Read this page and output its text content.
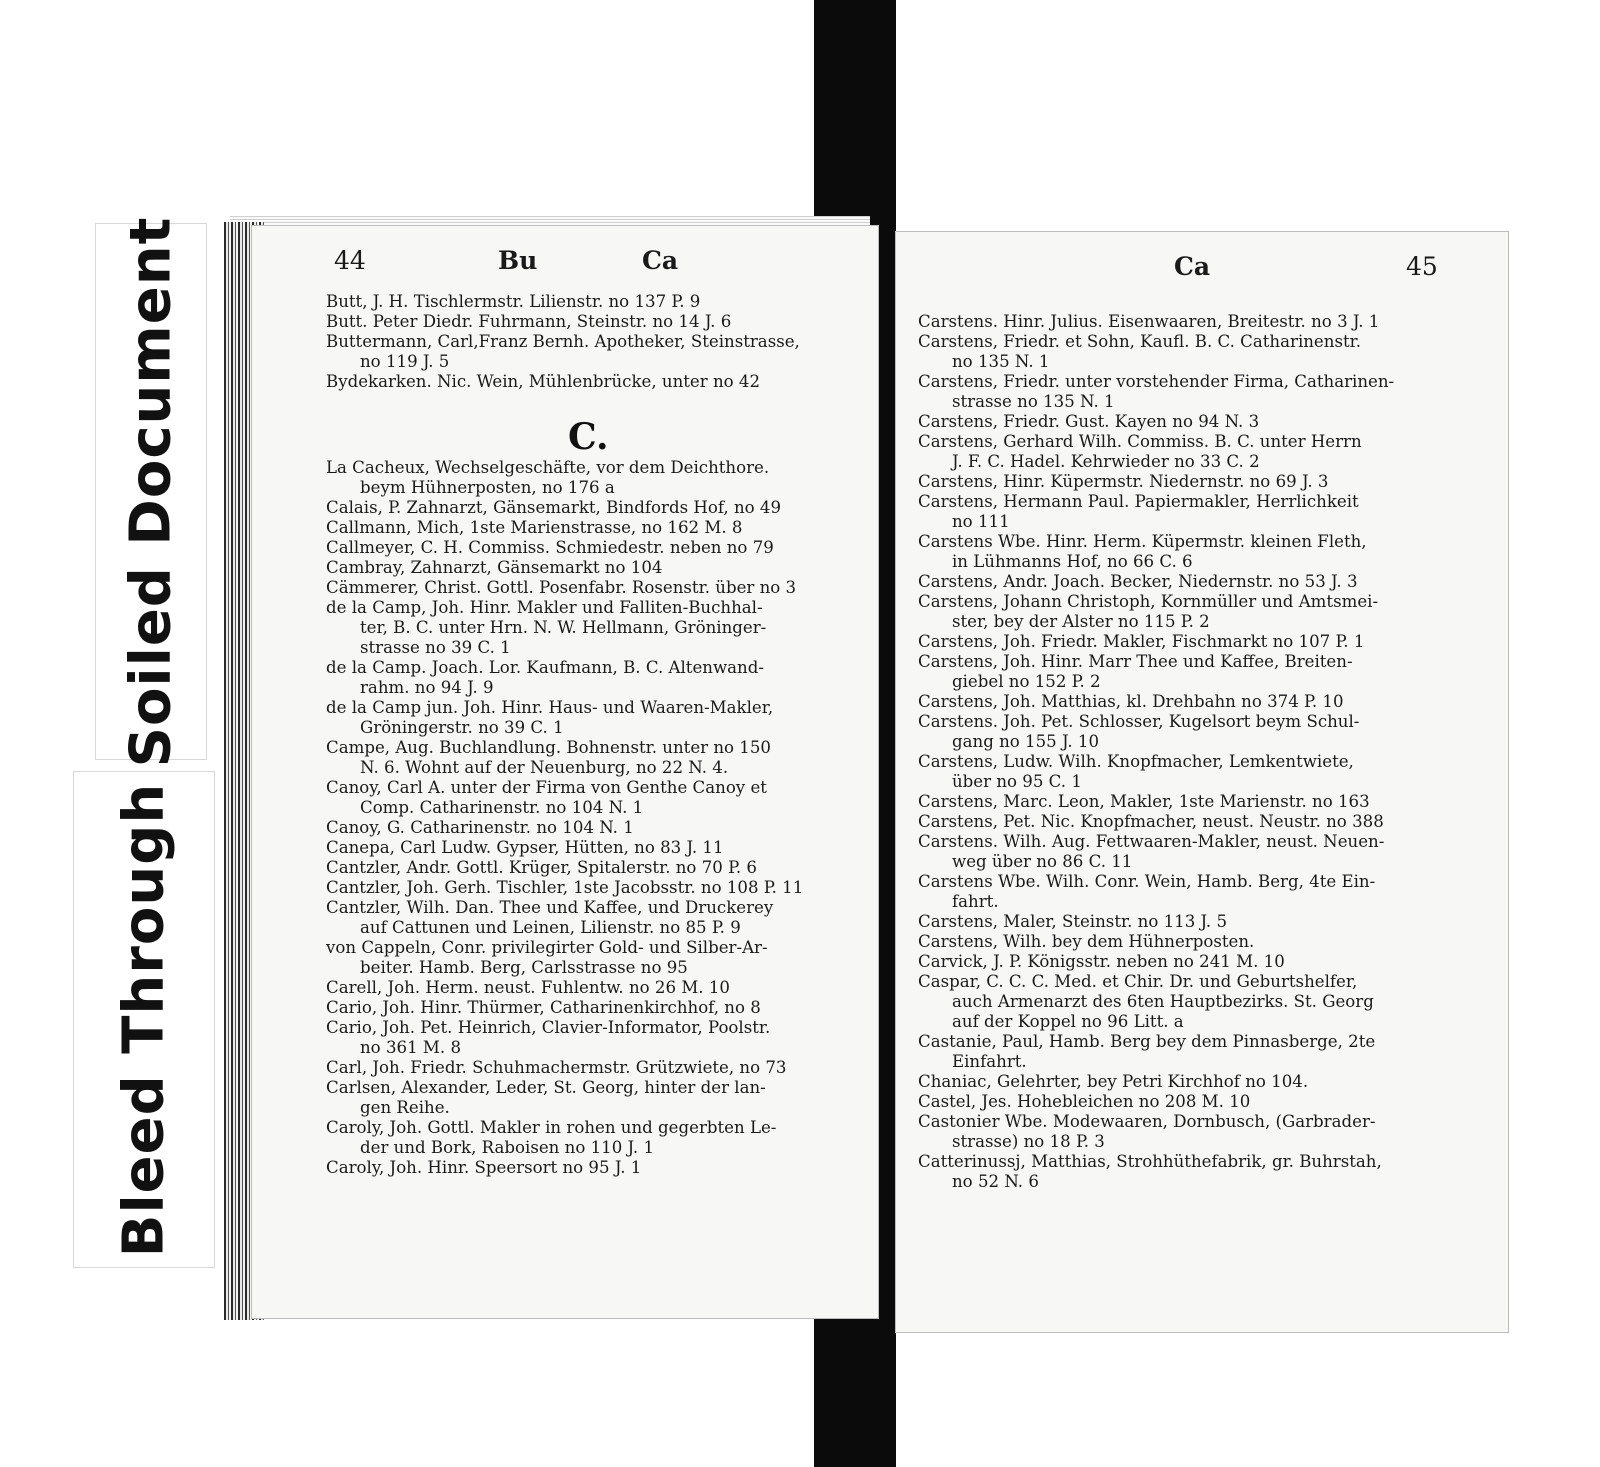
Soiled Document
Bleed Through
44	Bu	Ca
Butt, J. H. Tischlermstr. Lilienstr. no 137 P. 9
Butt. Peter Diedr. Fuhrmann, Steinstr. no 14 J. 6
Buttermann, Carl,Franz Bernh. Apotheker, Steinstrasse,
no 119 J. 5
Bydekarken. Nic. Wein, Mühlenbrücke, unter no 42
C.
La Cacheux, Wechselgeschäfte, vor dem Deichthore.
beym Hühnerposten, no 176 a
Calais, P. Zahnarzt, Gänsemarkt, Bindfords Hof, no 49
Callmann, Mich, 1ste Marienstrasse, no 162 M. 8
Callmeyer, C. H. Commiss. Schmiedestr. neben no 79
Cambray, Zahnarzt, Gänsemarkt no 104
Cämmerer, Christ. Gottl. Posenfabr. Rosenstr. über no 3
de la Camp, Joh. Hinr. Makler und Falliten-Buchhal-
ter, B. C. unter Hrn. N. W. Hellmann, Gröninger-
strasse no 39 C. 1
de la Camp. Joach. Lor. Kaufmann, B. C. Altenwand-
rahm. no 94 J. 9
de la Camp jun. Joh. Hinr. Haus- und Waaren-Makler,
Gröningerstr. no 39 C. 1
Campe, Aug. Buchlandlung. Bohnenstr. unter no 150
N. 6. Wohnt auf der Neuenburg, no 22 N. 4.
Canoy, Carl A. unter der Firma von Genthe Canoy et
Comp. Catharinenstr. no 104 N. 1
Canoy, G. Catharinenstr. no 104 N. 1
Canepa, Carl Ludw. Gypser, Hütten, no 83 J. 11
Cantzler, Andr. Gottl. Krüger, Spitalerstr. no 70 P. 6
Cantzler, Joh. Gerh. Tischler, 1ste Jacobsstr. no 108 P. 11
Cantzler, Wilh. Dan. Thee und Kaffee, und Druckerey
auf Cattunen und Leinen, Lilienstr. no 85 P. 9
von Cappeln, Conr. privilegirter Gold- und Silber-Ar-
beiter. Hamb. Berg, Carlsstrasse no 95
Carell, Joh. Herm. neust. Fuhlentw. no 26 M. 10
Cario, Joh. Hinr. Thürmer, Catharinenkirchhof, no 8
Cario, Joh. Pet. Heinrich, Clavier-Informator, Poolstr.
no 361 M. 8
Carl, Joh. Friedr. Schuhmachermstr. Grützwiete, no 73
Carlsen, Alexander, Leder, St. Georg, hinter der lan-
gen Reihe.
Caroly, Joh. Gottl. Makler in rohen und gegerbten Le-
der und Bork, Raboisen no 110 J. 1
Caroly, Joh. Hinr. Speersort no 95 J. 1
Ca	45
Carstens. Hinr. Julius. Eisenwaaren, Breitestr. no 3 J. 1
Carstens, Friedr. et Sohn, Kaufl. B. C. Catharinenstr.
no 135 N. 1
Carstens, Friedr. unter vorstehender Firma, Catharinen-
strasse no 135 N. 1
Carstens, Friedr. Gust. Kayen no 94 N. 3
Carstens, Gerhard Wilh. Commiss. B. C. unter Herrn
J. F. C. Hadel. Kehrwieder no 33 C. 2
Carstens, Hinr. Küpermstr. Niedernstr. no 69 J. 3
Carstens, Hermann Paul. Papiermakler, Herrlichkeit
no 111
Carstens Wbe. Hinr. Herm. Küpermstr. kleinen Fleth,
in Lühmanns Hof, no 66 C. 6
Carstens, Andr. Joach. Becker, Niedernstr. no 53 J. 3
Carstens, Johann Christoph, Kornmüller und Amtsmei-
ster, bey der Alster no 115 P. 2
Carstens, Joh. Friedr. Makler, Fischmarkt no 107 P. 1
Carstens, Joh. Hinr. Marr Thee und Kaffee, Breiten-
giebel no 152 P. 2
Carstens, Joh. Matthias, kl. Drehbahn no 374 P. 10
Carstens. Joh. Pet. Schlosser, Kugelsort beym Schul-
gang no 155 J. 10
Carstens, Ludw. Wilh. Knopfmacher, Lemkentwiete,
über no 95 C. 1
Carstens, Marc. Leon, Makler, 1ste Marienstr. no 163
Carstens, Pet. Nic. Knopfmacher, neust. Neustr. no 388
Carstens. Wilh. Aug. Fettwaaren-Makler, neust. Neuen-
weg über no 86 C. 11
Carstens Wbe. Wilh. Conr. Wein, Hamb. Berg, 4te Ein-
fahrt.
Carstens, Maler, Steinstr. no 113 J. 5
Carstens, Wilh. bey dem Hühnerposten.
Carvick, J. P. Königsstr. neben no 241 M. 10
Caspar, C. C. C. Med. et Chir. Dr. und Geburtshelfer,
auch Armenarzt des 6ten Hauptbezirks. St. Georg
auf der Koppel no 96 Litt. a
Castanie, Paul, Hamb. Berg bey dem Pinnasberge, 2te
Einfahrt.
Chaniac, Gelehrter, bey Petri Kirchhof no 104.
Castel, Jes. Hohebleichen no 208 M. 10
Castonier Wbe. Modewaaren, Dornbusch, (Garbrader-
strasse) no 18 P. 3
Catterinussj, Matthias, Strohhüthefabrik, gr. Buhrstah,
no 52 N. 6
